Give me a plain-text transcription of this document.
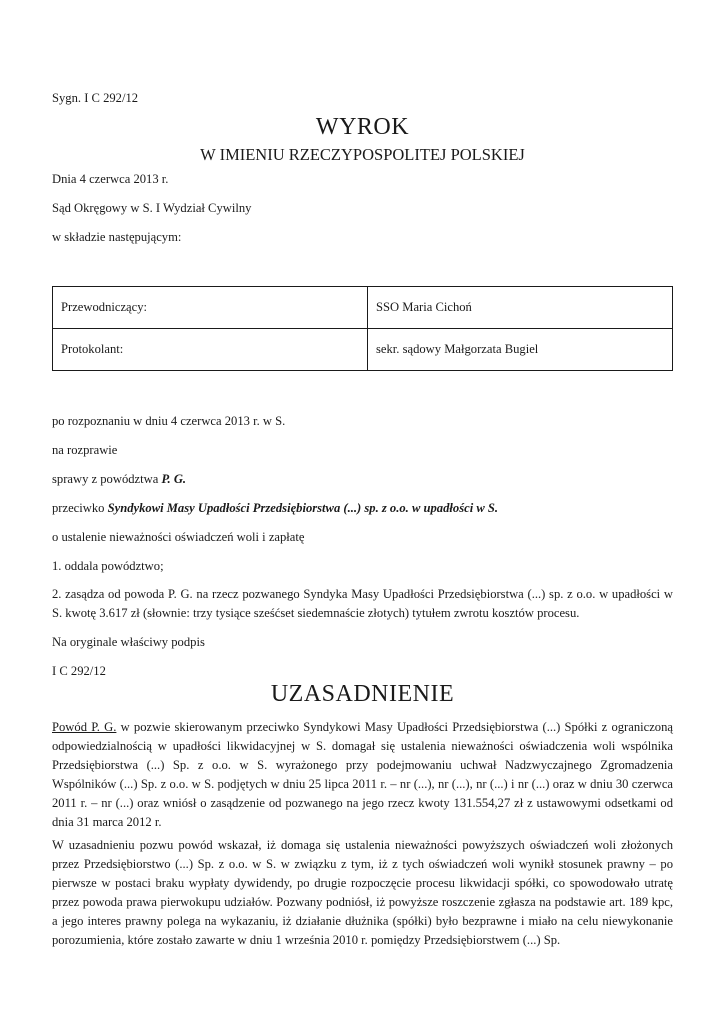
Sygn. I C 292/12
WYROK
W IMIENIU RZECZYPOSPOLITEJ POLSKIEJ
Dnia 4 czerwca 2013 r.
Sąd Okręgowy w S. I Wydział Cywilny
w składzie następującym:
Przewodniczący:	SSO Maria Cichoń
Protokolant:	sekr. sądowy Małgorzata Bugiel
po rozpoznaniu w dniu 4 czerwca 2013 r. w S.
na rozprawie
sprawy z powództwa P. G.
przeciwko Syndykowi Masy Upadłości Przedsiębiorstwa (...) sp. z o.o. w upadłości w S.
o ustalenie nieważności oświadczeń woli i zapłatę
1. oddala powództwo;
2. zasądza od powoda P. G. na rzecz pozwanego Syndyka Masy Upadłości Przedsiębiorstwa (...) sp. z o.o. w upadłości w S. kwotę 3.617 zł (słownie: trzy tysiące sześćset siedemnaście złotych) tytułem zwrotu kosztów procesu.
Na oryginale właściwy podpis
I C 292/12
UZASADNIENIE
Powód P. G. w pozwie skierowanym przeciwko Syndykowi Masy Upadłości Przedsiębiorstwa (...) Spółki z ograniczoną odpowiedzialnością w upadłości likwidacyjnej w S. domagał się ustalenia nieważności oświadczenia woli wspólnika Przedsiębiorstwa (...) Sp. z o.o. w S. wyrażonego przy podejmowaniu uchwał Nadzwyczajnego Zgromadzenia Wspólników (...) Sp. z o.o. w S. podjętych w dniu 25 lipca 2011 r. – nr (...), nr (...), nr (...) i nr (...) oraz w dniu 30 czerwca 2011 r. – nr (...) oraz wniósł o zasądzenie od pozwanego na jego rzecz kwoty 131.554,27 zł z ustawowymi odsetkami od dnia 31 marca 2012 r.
W uzasadnieniu pozwu powód wskazał, iż domaga się ustalenia nieważności powyższych oświadczeń woli złożonych przez Przedsiębiorstwo (...) Sp. z o.o. w S. w związku z tym, iż z tych oświadczeń woli wynikł stosunek prawny – po pierwsze w postaci braku wypłaty dywidendy, po drugie rozpoczęcie procesu likwidacji spółki, co spowodowało utratę przez powoda prawa pierwokupu udziałów. Pozwany podniósł, iż powyższe roszczenie zgłasza na podstawie art. 189 kpc, a jego interes prawny polega na wykazaniu, iż działanie dłużnika (spółki) było bezprawne i miało na celu niewykonanie porozumienia, które zostało zawarte w dniu 1 września 2010 r. pomiędzy Przedsiębiorstwem (...) Sp.
